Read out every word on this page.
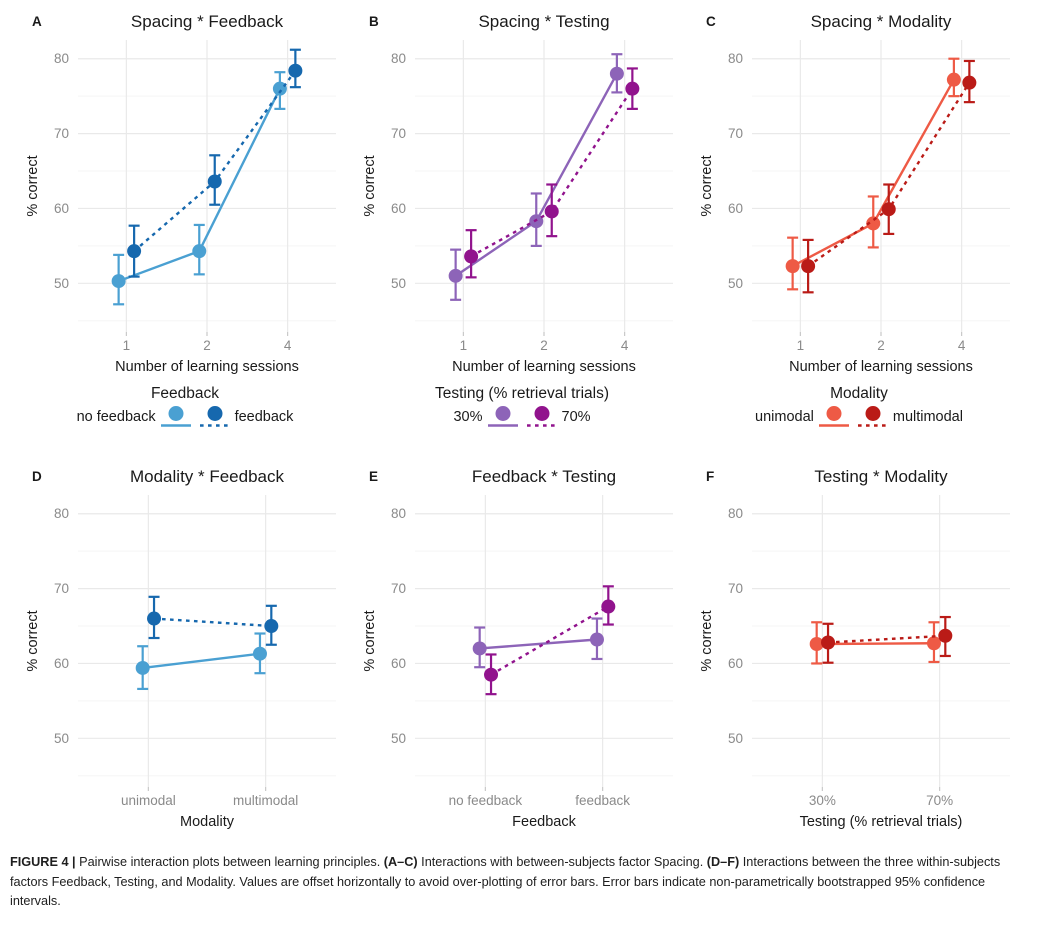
A	Spacing * Feedback
50
60
70
80
1	2	4
Number of learning sessions
% correct
B	Spacing * Testing
50
60
70
80
1	2	4
Number of learning sessions
% correct
C	Spacing * Modality
50
60
70
80
1	2	4
Number of learning sessions
% correct
Feedback
no feedback	feedback
Testing (% retrieval trials)
30%	70%
Modality
unimodal	multimodal
D	Modality * Feedback
50
60
70
80
unimodal	multimodal
Modality
% correct
E	Feedback * Testing
50
60
70
80
no feedback	feedback
Feedback
% correct
F	Testing * Modality
50
60
70
80
30%	70%
Testing (% retrieval trials)
% correct

FIGURE 4 | Pairwise interaction plots between learning principles. (A–C) Interactions with between-subjects factor Spacing. (D–F) Interactions between the three within-subjects factors Feedback, Testing, and Modality. Values are offset horizontally to avoid over-plotting of error bars. Error bars indicate non-parametrically bootstrapped 95% confidence intervals.
